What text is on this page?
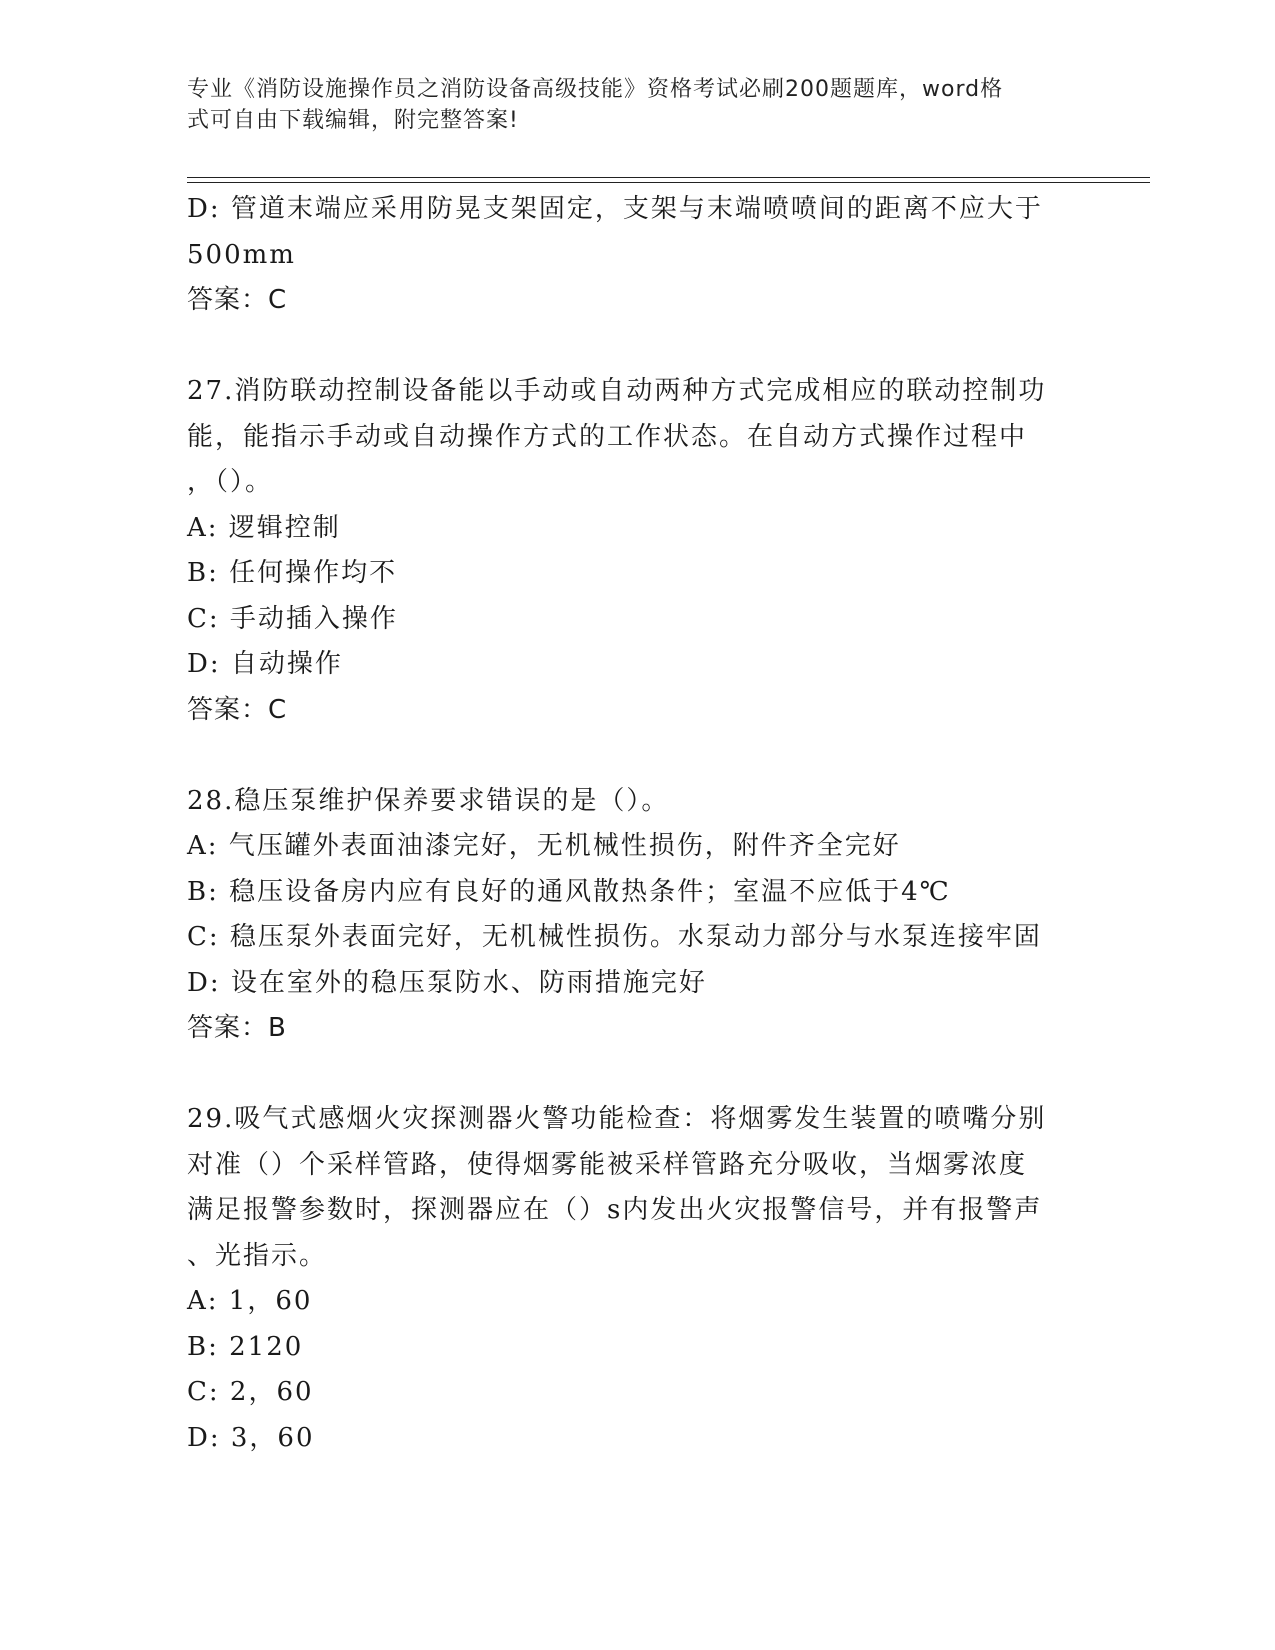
专业《消防设施操作员之消防设备高级技能》资格考试必刷200题题库，word格
式可自由下载编辑，附完整答案!
D: 管道末端应采用防晃支架固定，支架与末端喷喷间的距离不应大于
500mm
答案：C
27.消防联动控制设备能以手动或自动两种方式完成相应的联动控制功
能，能指示手动或自动操作方式的工作状态。在自动方式操作过程中
，（）。
A: 逻辑控制
B: 任何操作均不
C: 手动插入操作
D: 自动操作
答案：C
28.稳压泵维护保养要求错误的是（）。
A: 气压罐外表面油漆完好，无机械性损伤，附件齐全完好
B: 稳压设备房内应有良好的通风散热条件；室温不应低于4℃
C: 稳压泵外表面完好，无机械性损伤。水泵动力部分与水泵连接牢固
D: 设在室外的稳压泵防水、防雨措施完好
答案：B
29.吸气式感烟火灾探测器火警功能检查：将烟雾发生装置的喷嘴分别
对准（）个采样管路，使得烟雾能被采样管路充分吸收，当烟雾浓度
满足报警参数时，探测器应在（）s内发出火灾报警信号，并有报警声
、光指示。
A: 1，60
B: 2120
C: 2，60
D: 3，60
